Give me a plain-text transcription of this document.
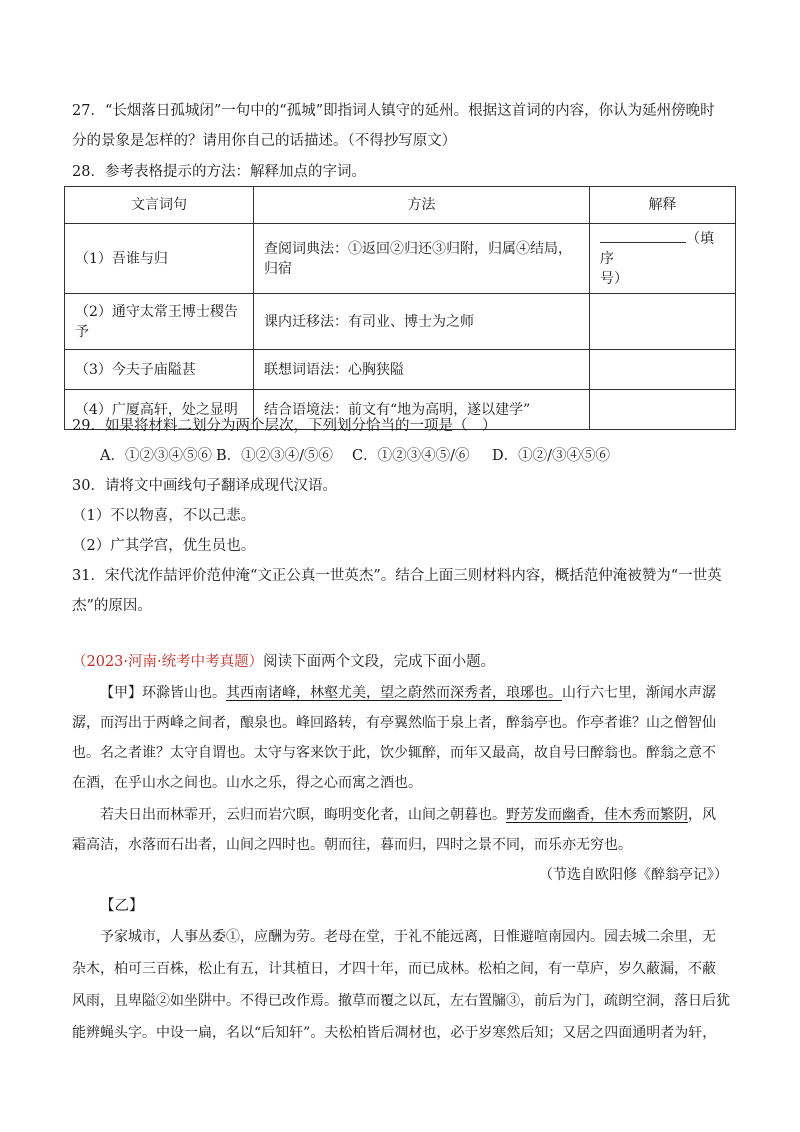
27．“长烟落日孤城闭”一句中的“孤城”即指词人镇守的延州。根据这首词的内容，你认为延州傍晚时
分的景象是怎样的？请用你自己的话描述。（不得抄写原文）
28．参考表格提示的方法：解释加点的字词。
文言词句	方法	解释
（1）吾谁与归	查阅词典法：①返回②归还③归附，归属④结局，归宿	（填序
号）
（2）通守太常王博士稷告予	课内迁移法：有司业、博士为之师	
（3）今夫子庙隘甚	联想词语法：心胸狭隘	
（4）广厦高轩，处之显明	结合语境法：前文有“地为高明，遂以建学”	
29．如果将材料二划分为两个层次，下列划分恰当的一项是（　）
A．①②③④⑤⑥ B．①②③④/⑤⑥ C．①②③④⑤/⑥ D．①②/③④⑤⑥
30．请将文中画线句子翻译成现代汉语。
（1）不以物喜，不以己悲。
（2）广其学宫，优生员也。
31．宋代沈作喆评价范仲淹“文正公真一世英杰”。结合上面三则材料内容，概括范仲淹被赞为“一世英
杰”的原因。
（2023·河南·统考中考真题）阅读下面两个文段，完成下面小题。
【甲】环滁皆山也。其西南诸峰，林壑尤美，望之蔚然而深秀者，琅琊也。山行六七里，渐闻水声潺
潺，而泻出于两峰之间者，酿泉也。峰回路转，有亭翼然临于泉上者，醉翁亭也。作亭者谁？山之僧智仙
也。名之者谁？太守自谓也。太守与客来饮于此，饮少辄醉，而年又最高，故自号曰醉翁也。醉翁之意不
在酒，在乎山水之间也。山水之乐，得之心而寓之酒也。
若夫日出而林霏开，云归而岩穴暝，晦明变化者，山间之朝暮也。野芳发而幽香，佳木秀而繁阴，风
霜高洁，水落而石出者，山间之四时也。朝而往，暮而归，四时之景不同，而乐亦无穷也。
（节选自欧阳修《醉翁亭记》）
【乙】
予家城市，人事丛委①，应酬为劳。老母在堂，于礼不能远离，日惟避喧南园内。园去城二余里，无
杂木，柏可三百株，松止有五，计其植日，才四十年，而已成林。松柏之间，有一草庐，岁久蔽漏，不蔽
风雨，且卑隘②如坐阱中。不得已改作焉。撤草而覆之以瓦，左右置牖③，前后为门，疏朗空洞，落日后犹
能辨蝇头字。中设一扁，名以“后知轩”。夫松柏皆后凋材也，必于岁寒然后知；又居之四面通明者为轩，
